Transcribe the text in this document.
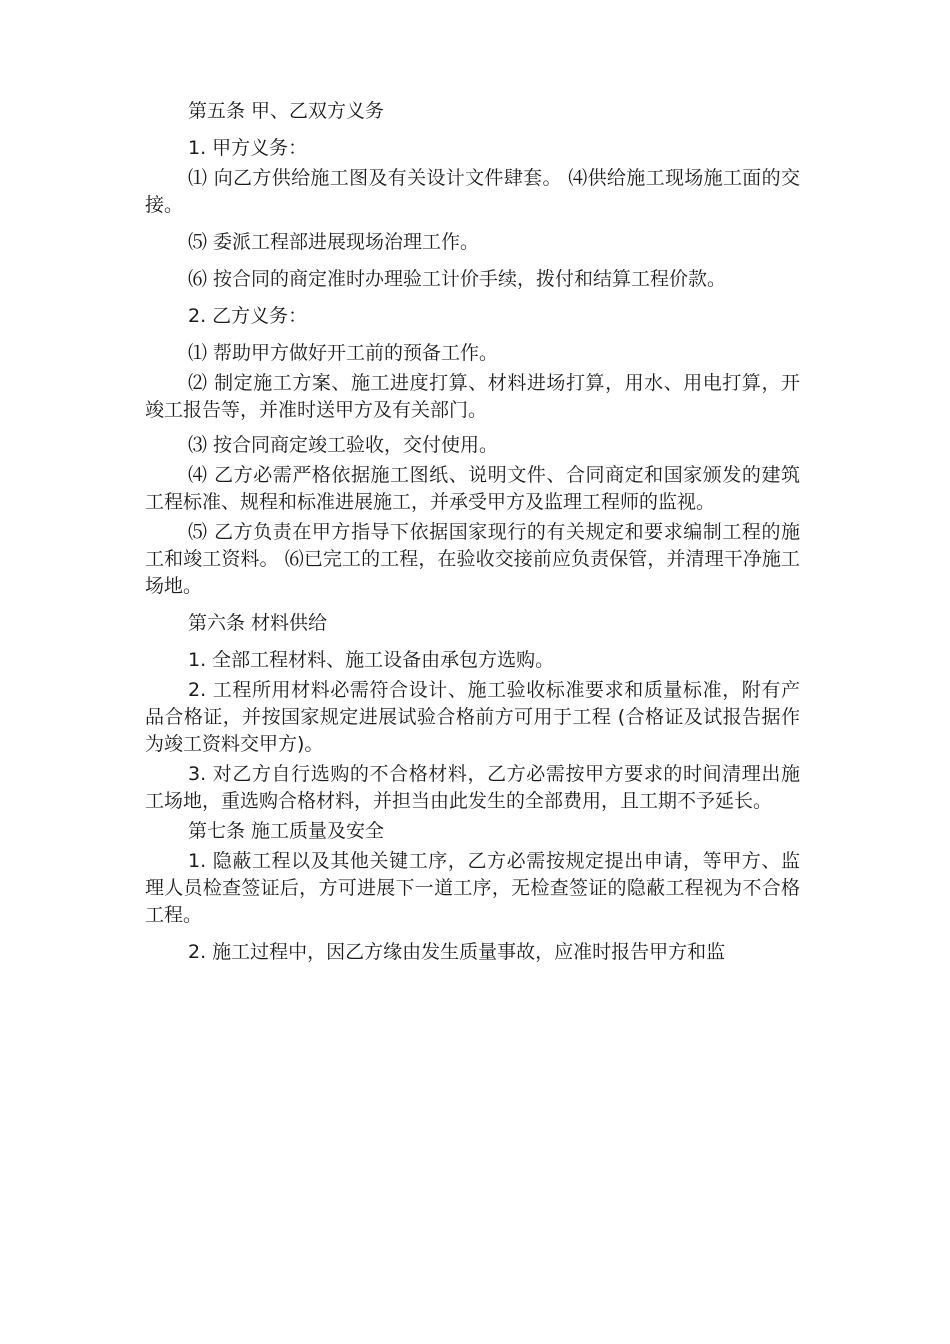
第五条 甲、乙双方义务

1. 甲方义务：

⑴ 向乙方供给施工图及有关设计文件肆套。 ⑷供给施工现场施工面的交接。

⑸ 委派工程部进展现场治理工作。

⑹ 按合同的商定准时办理验工计价手续，拨付和结算工程价款。

2. 乙方义务：

⑴ 帮助甲方做好开工前的预备工作。

⑵ 制定施工方案、施工进度打算、材料进场打算，用水、用电打算，开竣工报告等，并准时送甲方及有关部门。

⑶ 按合同商定竣工验收，交付使用。

⑷ 乙方必需严格依据施工图纸、说明文件、合同商定和国家颁发的建筑工程标准、规程和标准进展施工，并承受甲方及监理工程师的监视。

⑸ 乙方负责在甲方指导下依据国家现行的有关规定和要求编制工程的施工和竣工资料。 ⑹已完工的工程，在验收交接前应负责保管，并清理干净施工场地。

第六条 材料供给

1. 全部工程材料、施工设备由承包方选购。

2. 工程所用材料必需符合设计、施工验收标准要求和质量标准，附有产品合格证，并按国家规定进展试验合格前方可用于工程 (合格证及试报告据作为竣工资料交甲方)。

3. 对乙方自行选购的不合格材料，乙方必需按甲方要求的时间清理出施工场地，重选购合格材料，并担当由此发生的全部费用，且工期不予延长。

第七条 施工质量及安全

1. 隐蔽工程以及其他关键工序，乙方必需按规定提出申请，等甲方、监理人员检查签证后，方可进展下一道工序，无检查签证的隐蔽工程视为不合格工程。

2. 施工过程中，因乙方缘由发生质量事故，应准时报告甲方和监
